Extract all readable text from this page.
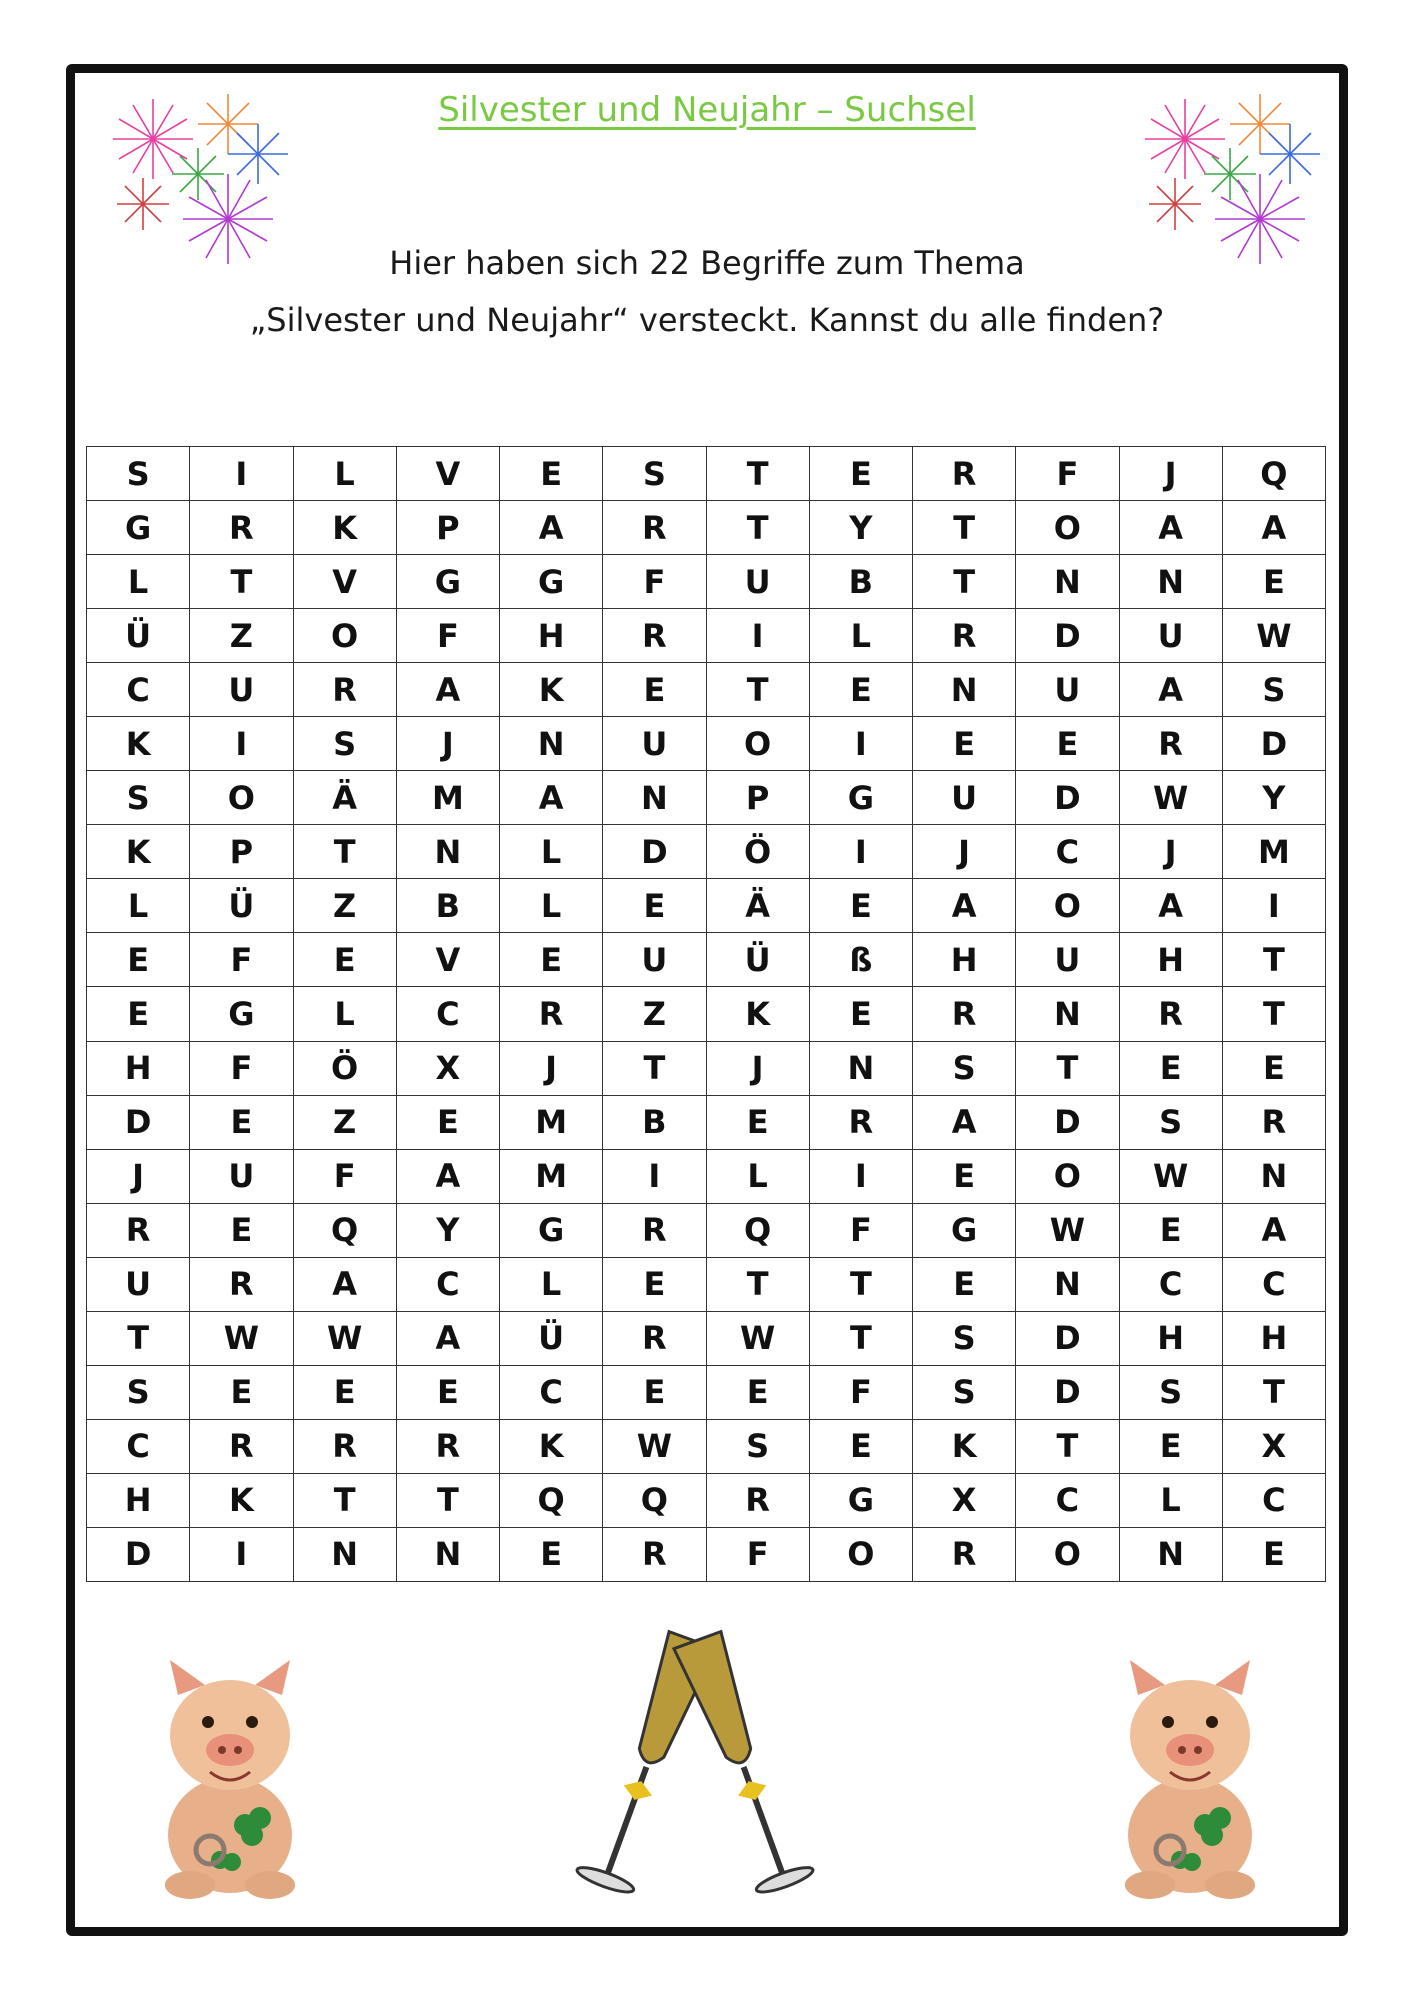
Silvester und Neujahr – Suchsel
Hier haben sich 22 Begriffe zum Thema
„Silvester und Neujahr“ versteckt. Kannst du alle finden?
S	I	L	V	E	S	T	E	R	F	J	Q
G	R	K	P	A	R	T	Y	T	O	A	A
L	T	V	G	G	F	U	B	T	N	N	E
Ü	Z	O	F	H	R	I	L	R	D	U	W
C	U	R	A	K	E	T	E	N	U	A	S
K	I	S	J	N	U	O	I	E	E	R	D
S	O	Ä	M	A	N	P	G	U	D	W	Y
K	P	T	N	L	D	Ö	I	J	C	J	M
L	Ü	Z	B	L	E	Ä	E	A	O	A	I
E	F	E	V	E	U	Ü	ß	H	U	H	T
E	G	L	C	R	Z	K	E	R	N	R	T
H	F	Ö	X	J	T	J	N	S	T	E	E
D	E	Z	E	M	B	E	R	A	D	S	R
J	U	F	A	M	I	L	I	E	O	W	N
R	E	Q	Y	G	R	Q	F	G	W	E	A
U	R	A	C	L	E	T	T	E	N	C	C
T	W	W	A	Ü	R	W	T	S	D	H	H
S	E	E	E	C	E	E	F	S	D	S	T
C	R	R	R	K	W	S	E	K	T	E	X
H	K	T	T	Q	Q	R	G	X	C	L	C
D	I	N	N	E	R	F	O	R	O	N	E
